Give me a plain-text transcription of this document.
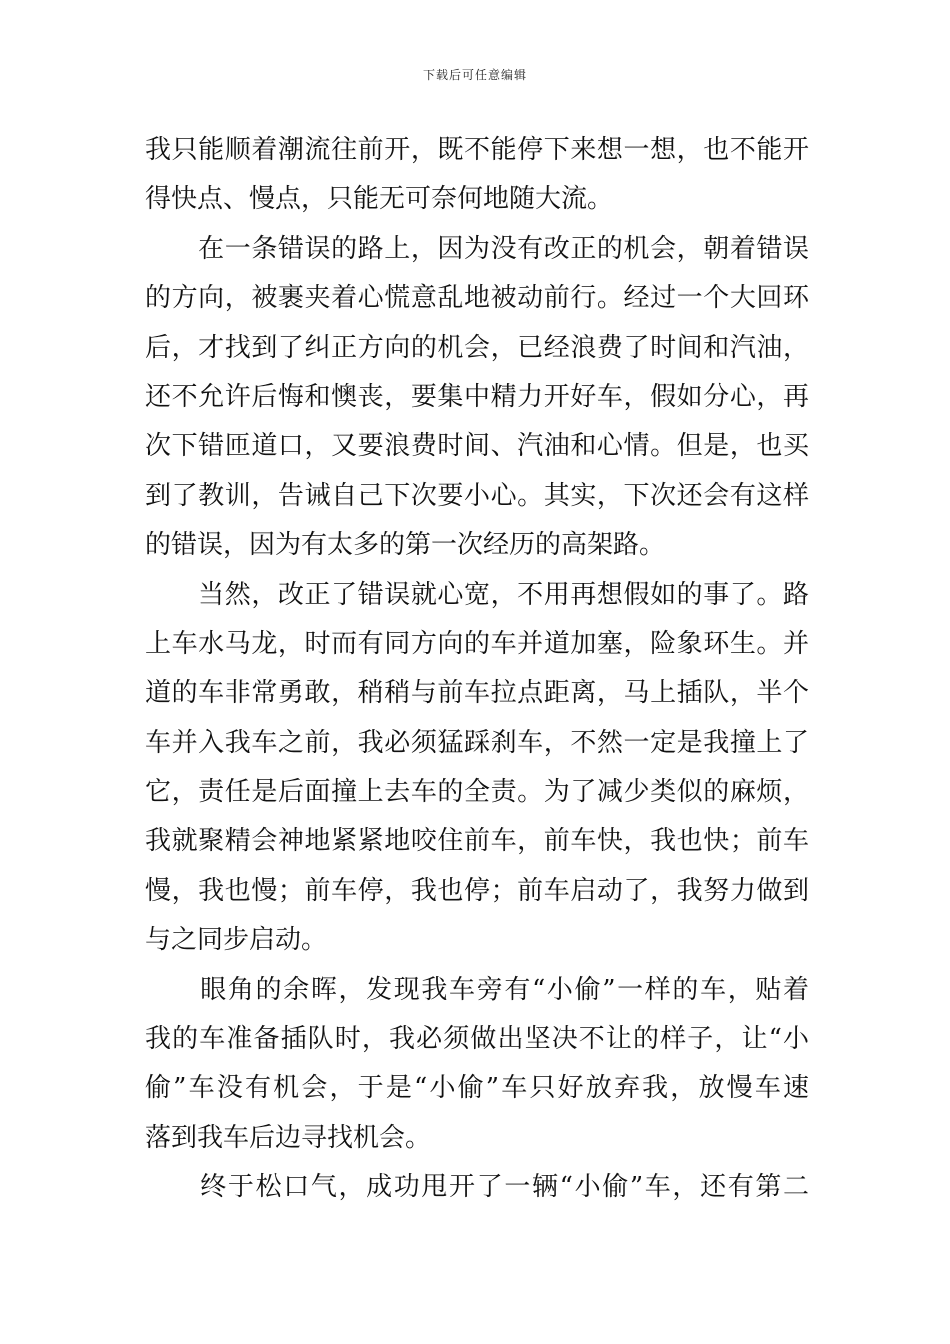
下载后可任意编辑
我只能顺着潮流往前开，既不能停下来想一想，也不能开
得快点、慢点，只能无可奈何地随大流。
　　在一条错误的路上，因为没有改正的机会，朝着错误
的方向，被裹夹着心慌意乱地被动前行。经过一个大回环
后，才找到了纠正方向的机会，已经浪费了时间和汽油，
还不允许后悔和懊丧，要集中精力开好车，假如分心，再
次下错匝道口，又要浪费时间、汽油和心情。但是，也买
到了教训，告诫自己下次要小心。其实，下次还会有这样
的错误，因为有太多的第一次经历的高架路。
　　当然，改正了错误就心宽，不用再想假如的事了。路
上车水马龙，时而有同方向的车并道加塞，险象环生。并
道的车非常勇敢，稍稍与前车拉点距离，马上插队，半个
车并入我车之前，我必须猛踩刹车，不然一定是我撞上了
它，责任是后面撞上去车的全责。为了减少类似的麻烦，
我就聚精会神地紧紧地咬住前车，前车快，我也快；前车
慢，我也慢；前车停，我也停；前车启动了，我努力做到
与之同步启动。
　　眼角的余晖，发现我车旁有“小偷”一样的车，贴着
我的车准备插队时，我必须做出坚决不让的样子，让“小
偷”车没有机会，于是“小偷”车只好放弃我，放慢车速
落到我车后边寻找机会。
　　终于松口气，成功甩开了一辆“小偷”车，还有第二
